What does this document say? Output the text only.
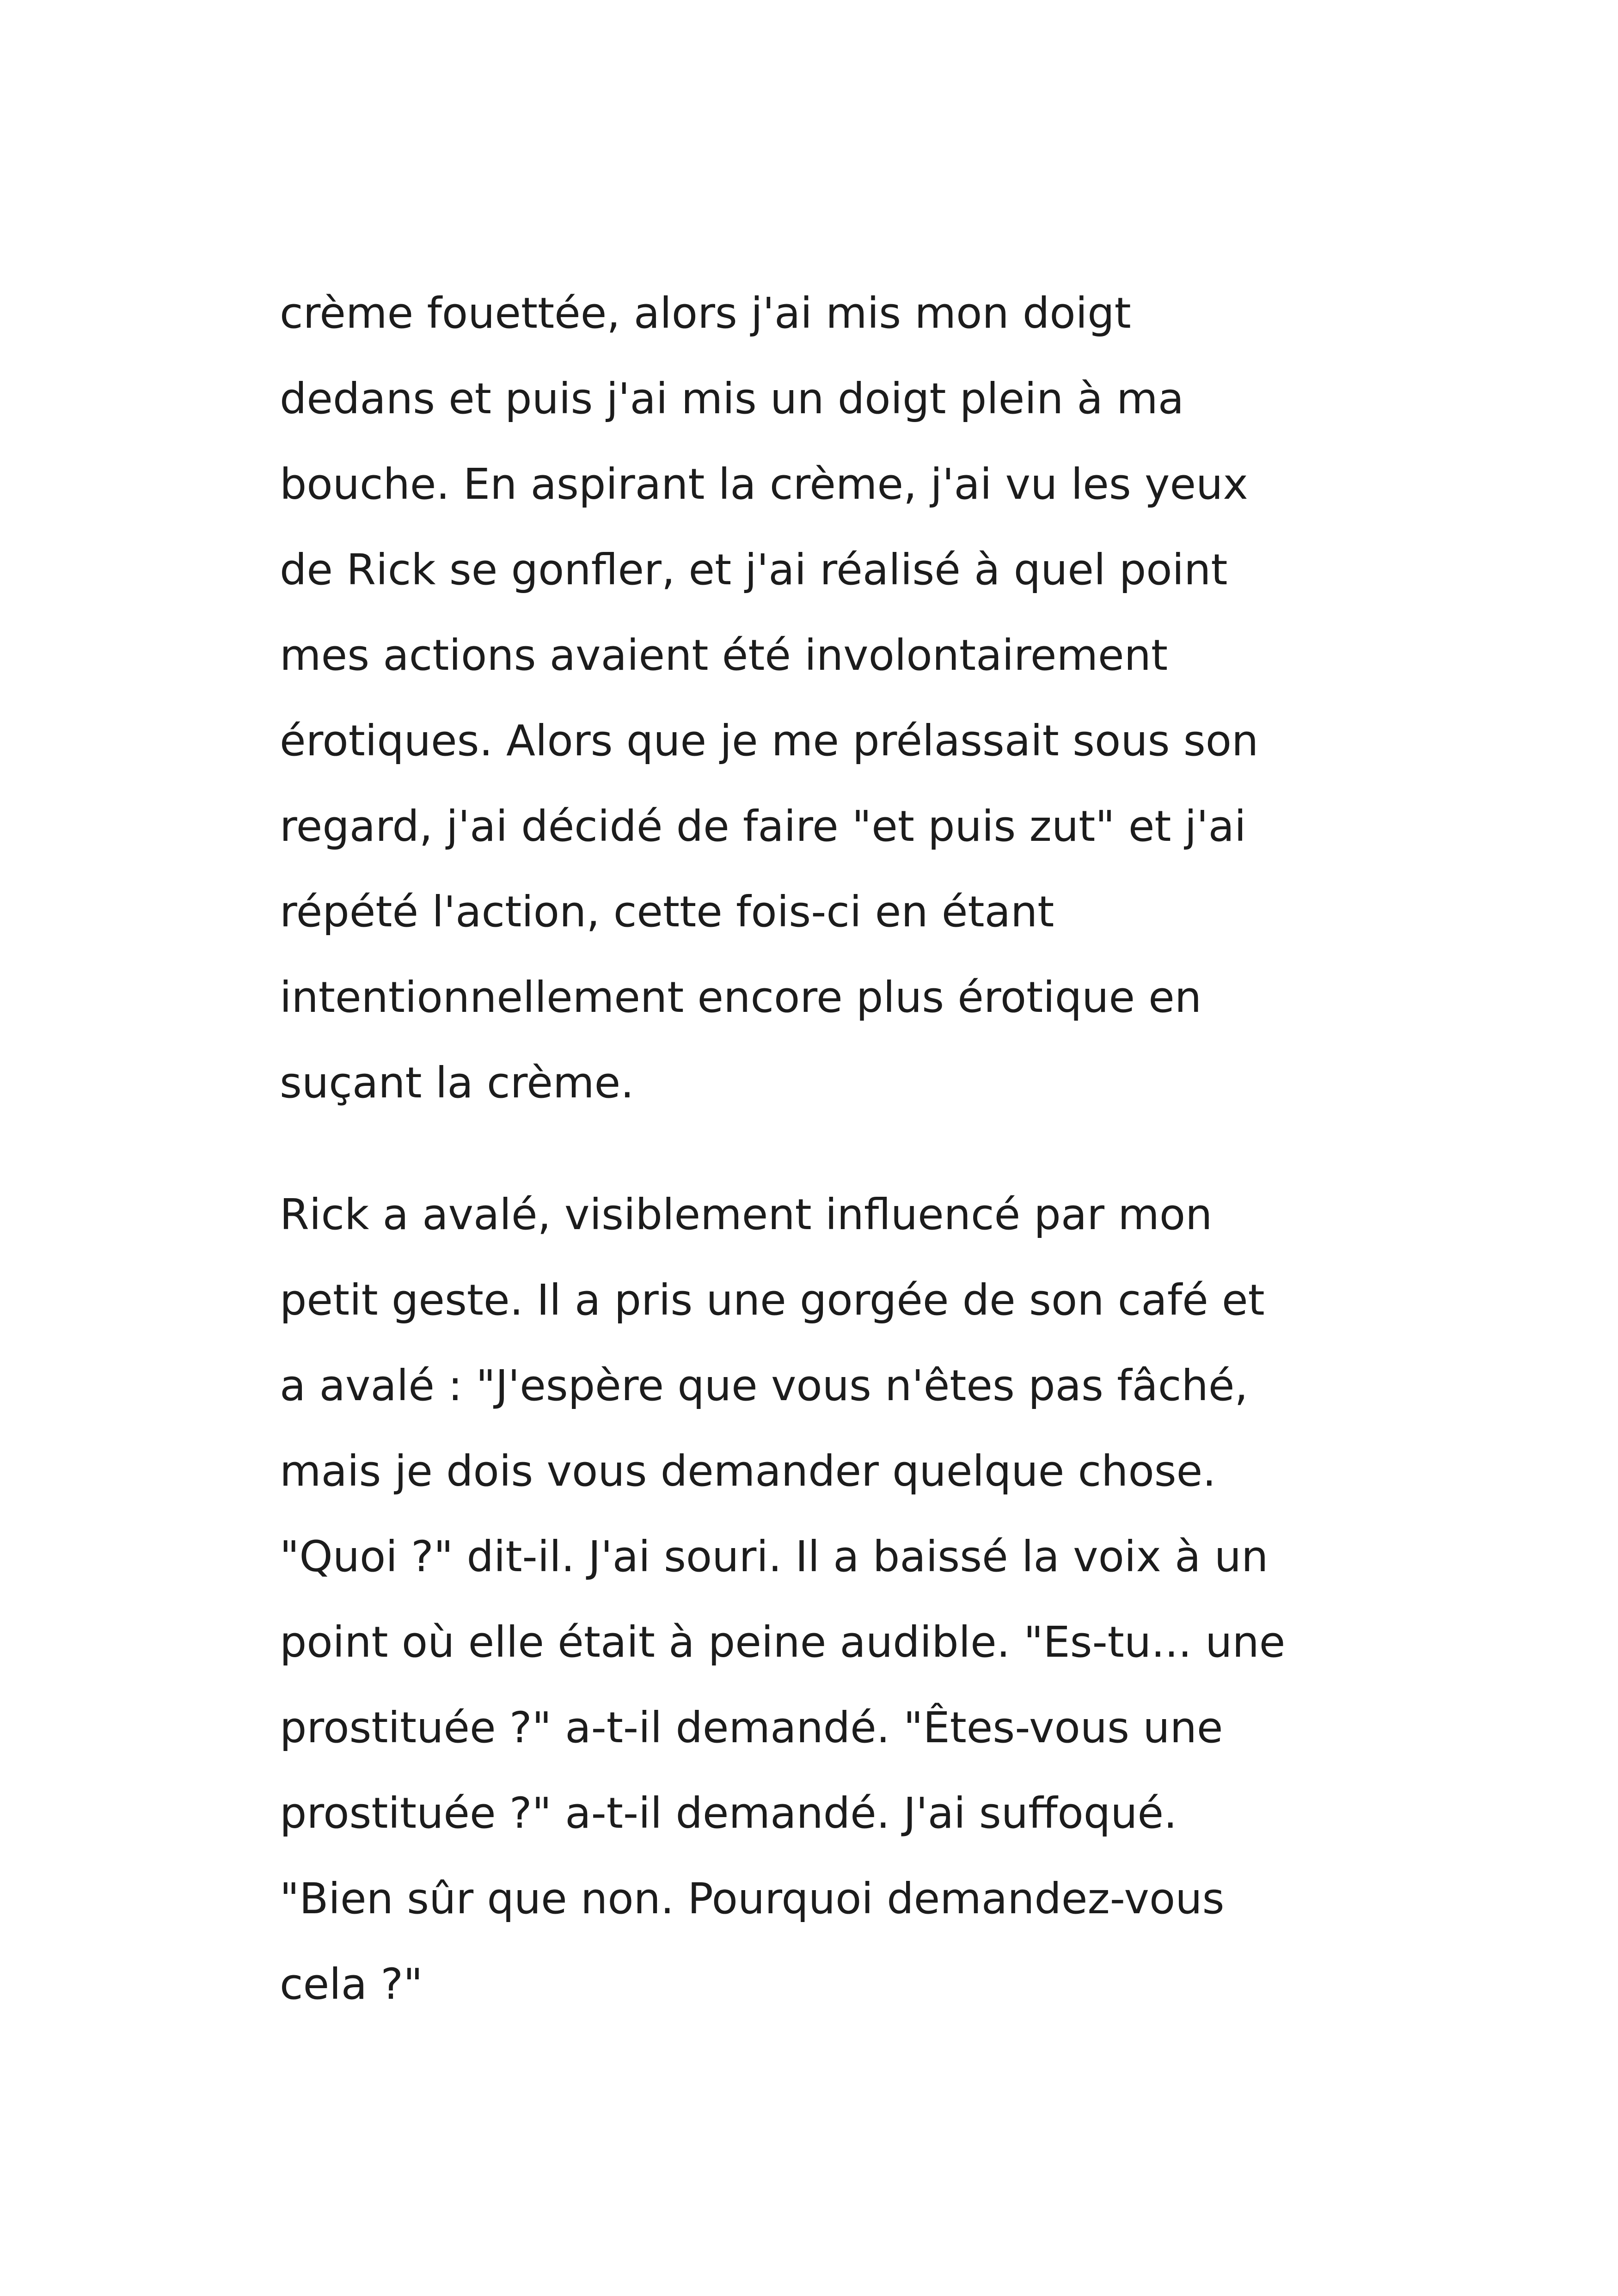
crème fouettée, alors j'ai mis mon doigt
dedans et puis j'ai mis un doigt plein à ma
bouche. En aspirant la crème, j'ai vu les yeux
de Rick se gonfler, et j'ai réalisé à quel point
mes actions avaient été involontairement
érotiques. Alors que je me prélassait sous son
regard, j'ai décidé de faire "et puis zut" et j'ai
répété l'action, cette fois-ci en étant
intentionnellement encore plus érotique en
suçant la crème.
Rick a avalé, visiblement influencé par mon
petit geste. Il a pris une gorgée de son café et
a avalé : "J'espère que vous n'êtes pas fâché,
mais je dois vous demander quelque chose.
"Quoi ?" dit-il. J'ai souri. Il a baissé la voix à un
point où elle était à peine audible. "Es-tu... une
prostituée ?" a-t-il demandé. "Êtes-vous une
prostituée ?" a-t-il demandé. J'ai suffoqué.
"Bien sûr que non. Pourquoi demandez-vous
cela ?"
